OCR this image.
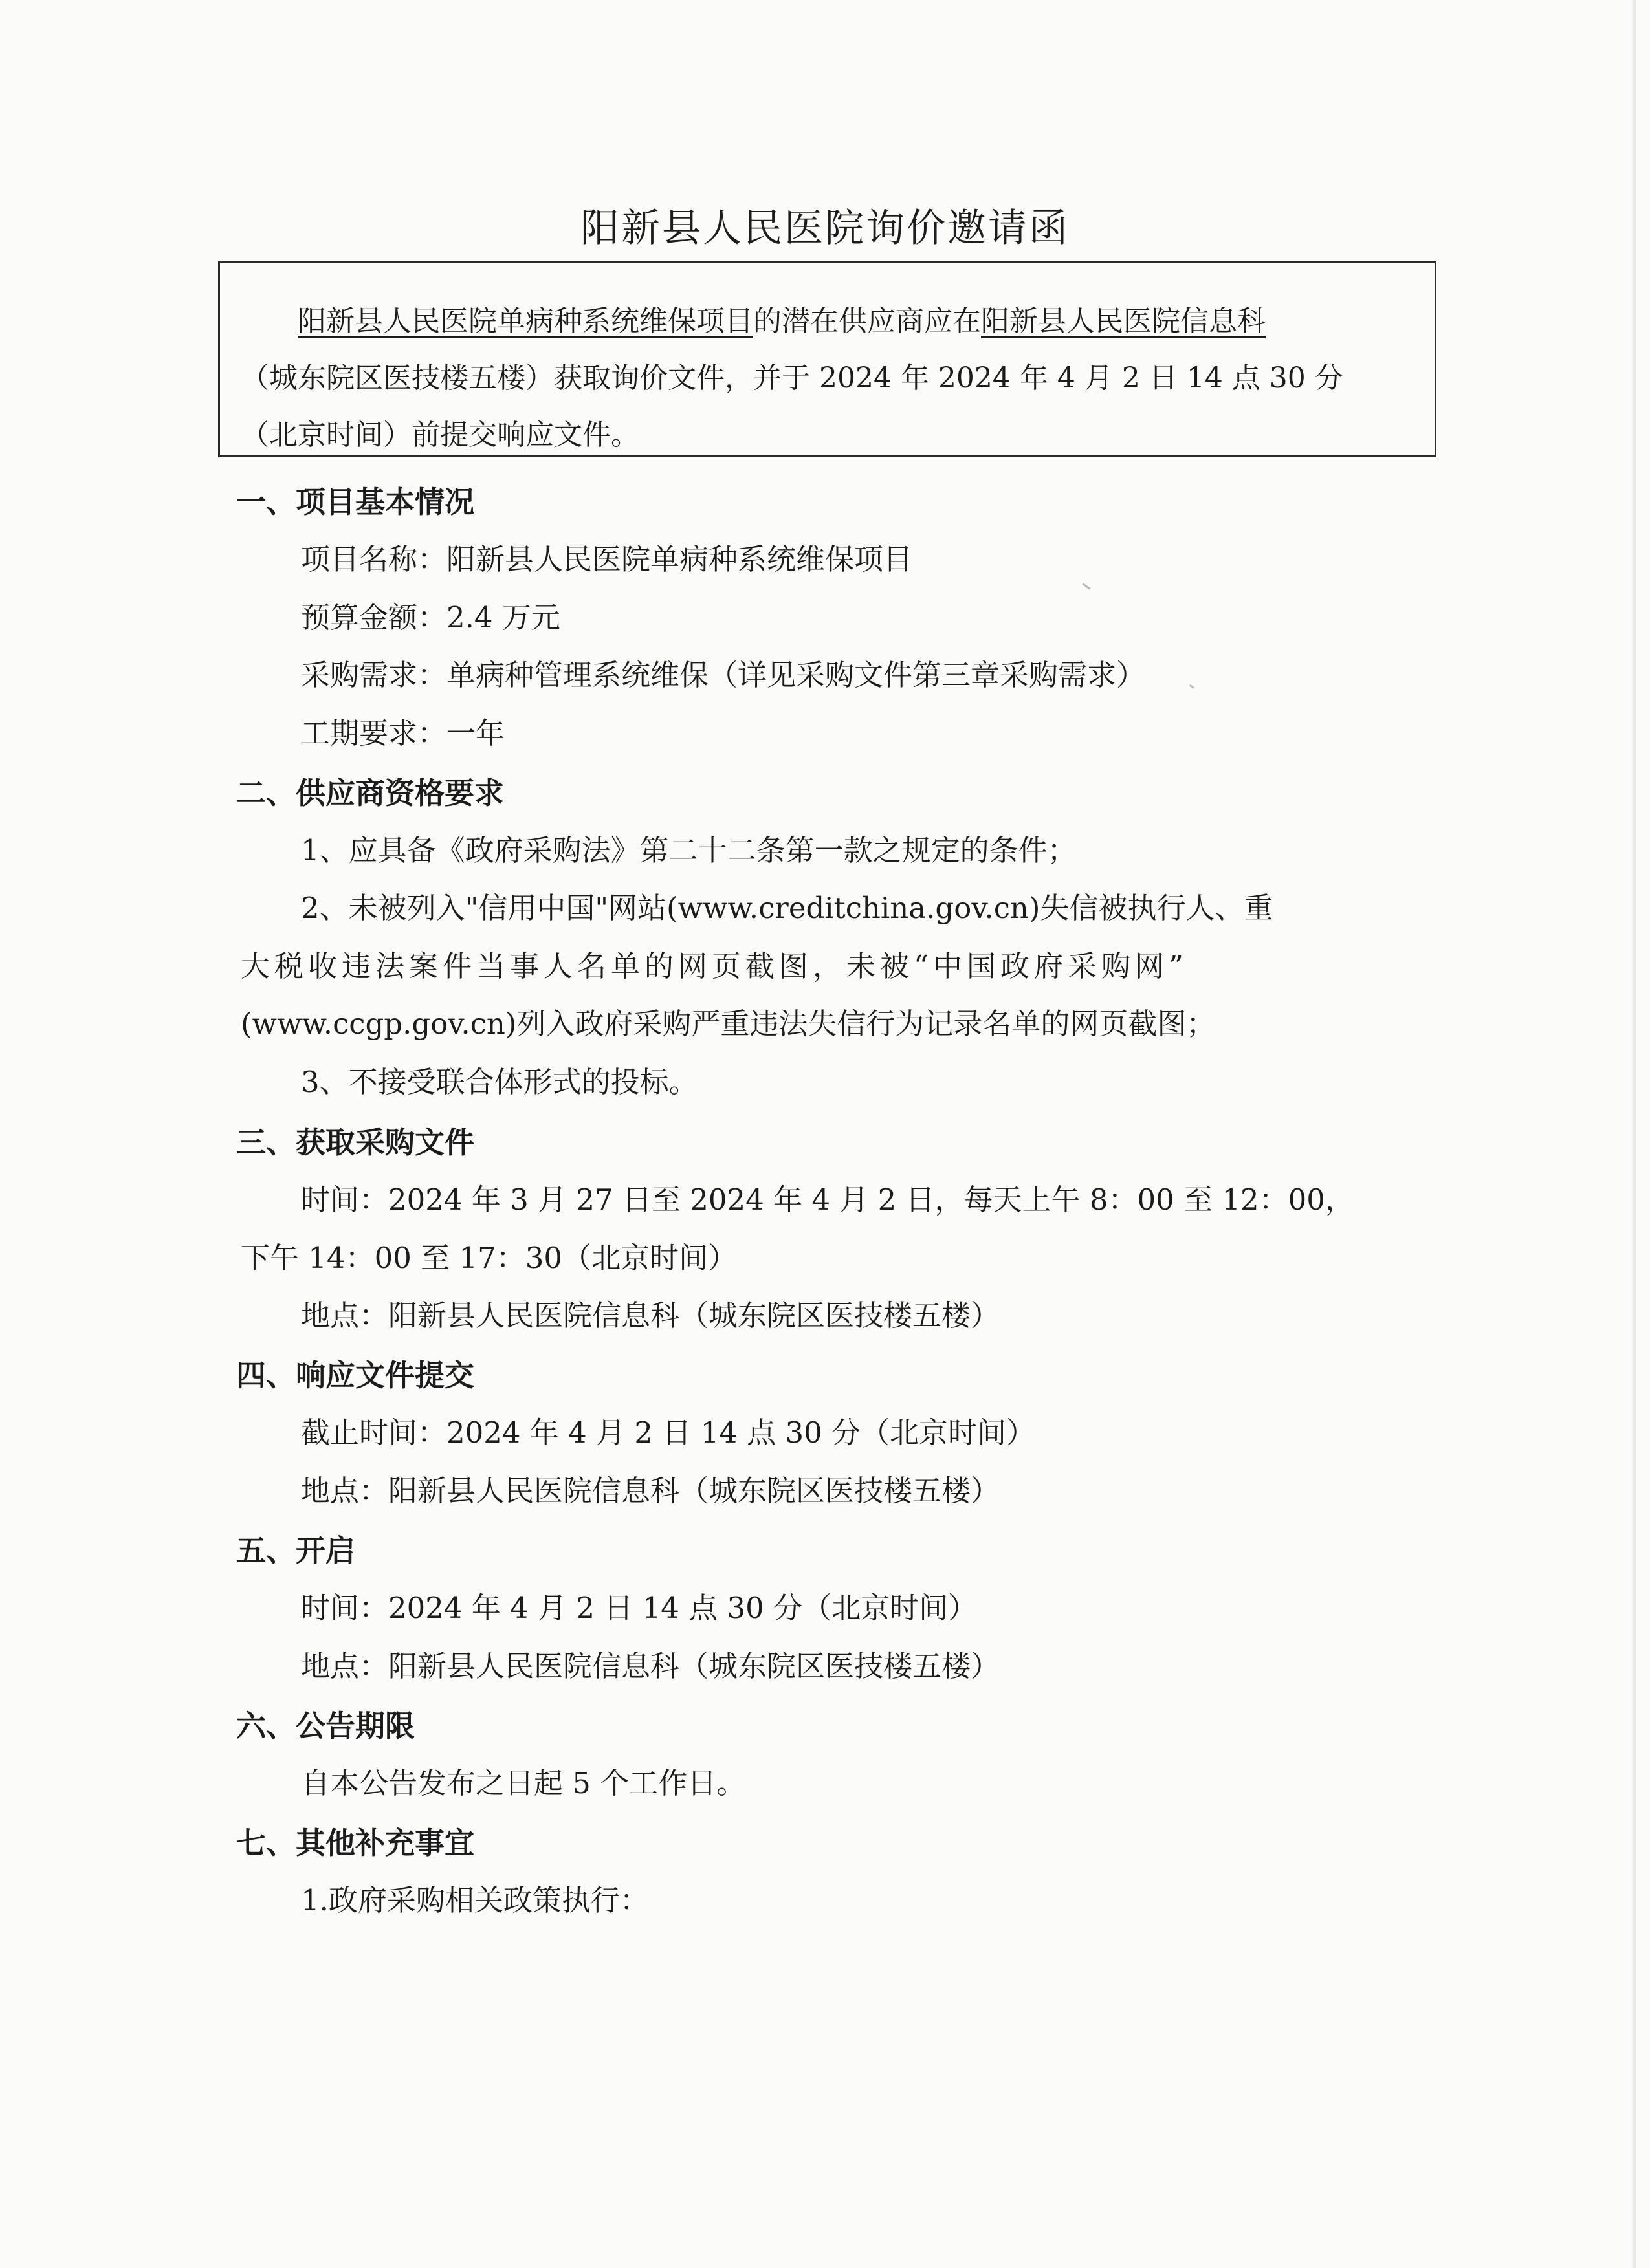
阳新县人民医院询价邀请函
阳新县人民医院单病种系统维保项目的潜在供应商应在阳新县人民医院信息科
（城东院区医技楼五楼）获取询价文件，并于 2024 年 2024 年 4 月 2 日 14 点 30 分
（北京时间）前提交响应文件。
一、项目基本情况
项目名称：阳新县人民医院单病种系统维保项目
预算金额：2.4 万元
采购需求：单病种管理系统维保（详见采购文件第三章采购需求）
工期要求：一年
二、供应商资格要求
1、应具备《政府采购法》第二十二条第一款之规定的条件；
2、未被列入"信用中国"网站(www.creditchina.gov.cn)失信被执行人、重
大税收违法案件当事人名单的网页截图，未被“中国政府采购网”
(www.ccgp.gov.cn)列入政府采购严重违法失信行为记录名单的网页截图；
3、不接受联合体形式的投标。
三、获取采购文件
时间：2024 年 3 月 27 日至 2024 年 4 月 2 日，每天上午 8：00 至 12：00，
下午 14：00 至 17：30（北京时间）
地点：阳新县人民医院信息科（城东院区医技楼五楼）
四、响应文件提交
截止时间：2024 年 4 月 2 日 14 点 30 分（北京时间）
地点：阳新县人民医院信息科（城东院区医技楼五楼）
五、开启
时间：2024 年 4 月 2 日 14 点 30 分（北京时间）
地点：阳新县人民医院信息科（城东院区医技楼五楼）
六、公告期限
自本公告发布之日起 5 个工作日。
七、其他补充事宜
1.政府采购相关政策执行：
